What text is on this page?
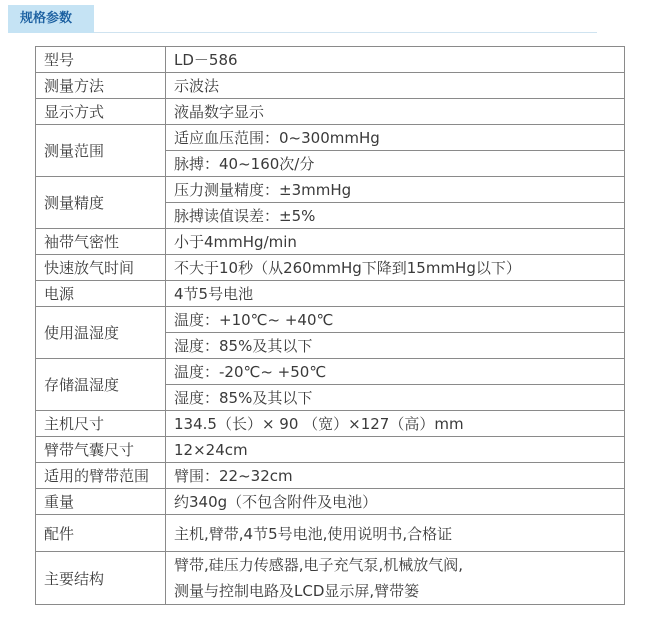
规格参数
型号	LD－586
测量方法	示波法
显示方式	液晶数字显示
测量范围	适应血压范围：0~300mmHg
	脉搏：40~160次/分
测量精度	压力测量精度：±3mmHg
	脉搏读值误差：±5%
袖带气密性	小于4mmHg/min
快速放气时间	不大于10秒（从260mmHg下降到15mmHg以下）
电源	4节5号电池
使用温湿度	温度：+10℃~ +40℃
	湿度：85%及其以下
存储温湿度	温度：-20℃~ +50℃
	湿度：85%及其以下
主机尺寸	134.5（长）× 90 （宽）×127（高）mm
臂带气囊尺寸	12×24cm
适用的臂带范围	臂围：22~32cm
重量	约340g（不包含附件及电池）
配件	主机,臂带,4节5号电池,使用说明书,合格证
主要结构	臂带,硅压力传感器,电子充气泵,机械放气阀,
测量与控制电路及LCD显示屏,臂带篓
